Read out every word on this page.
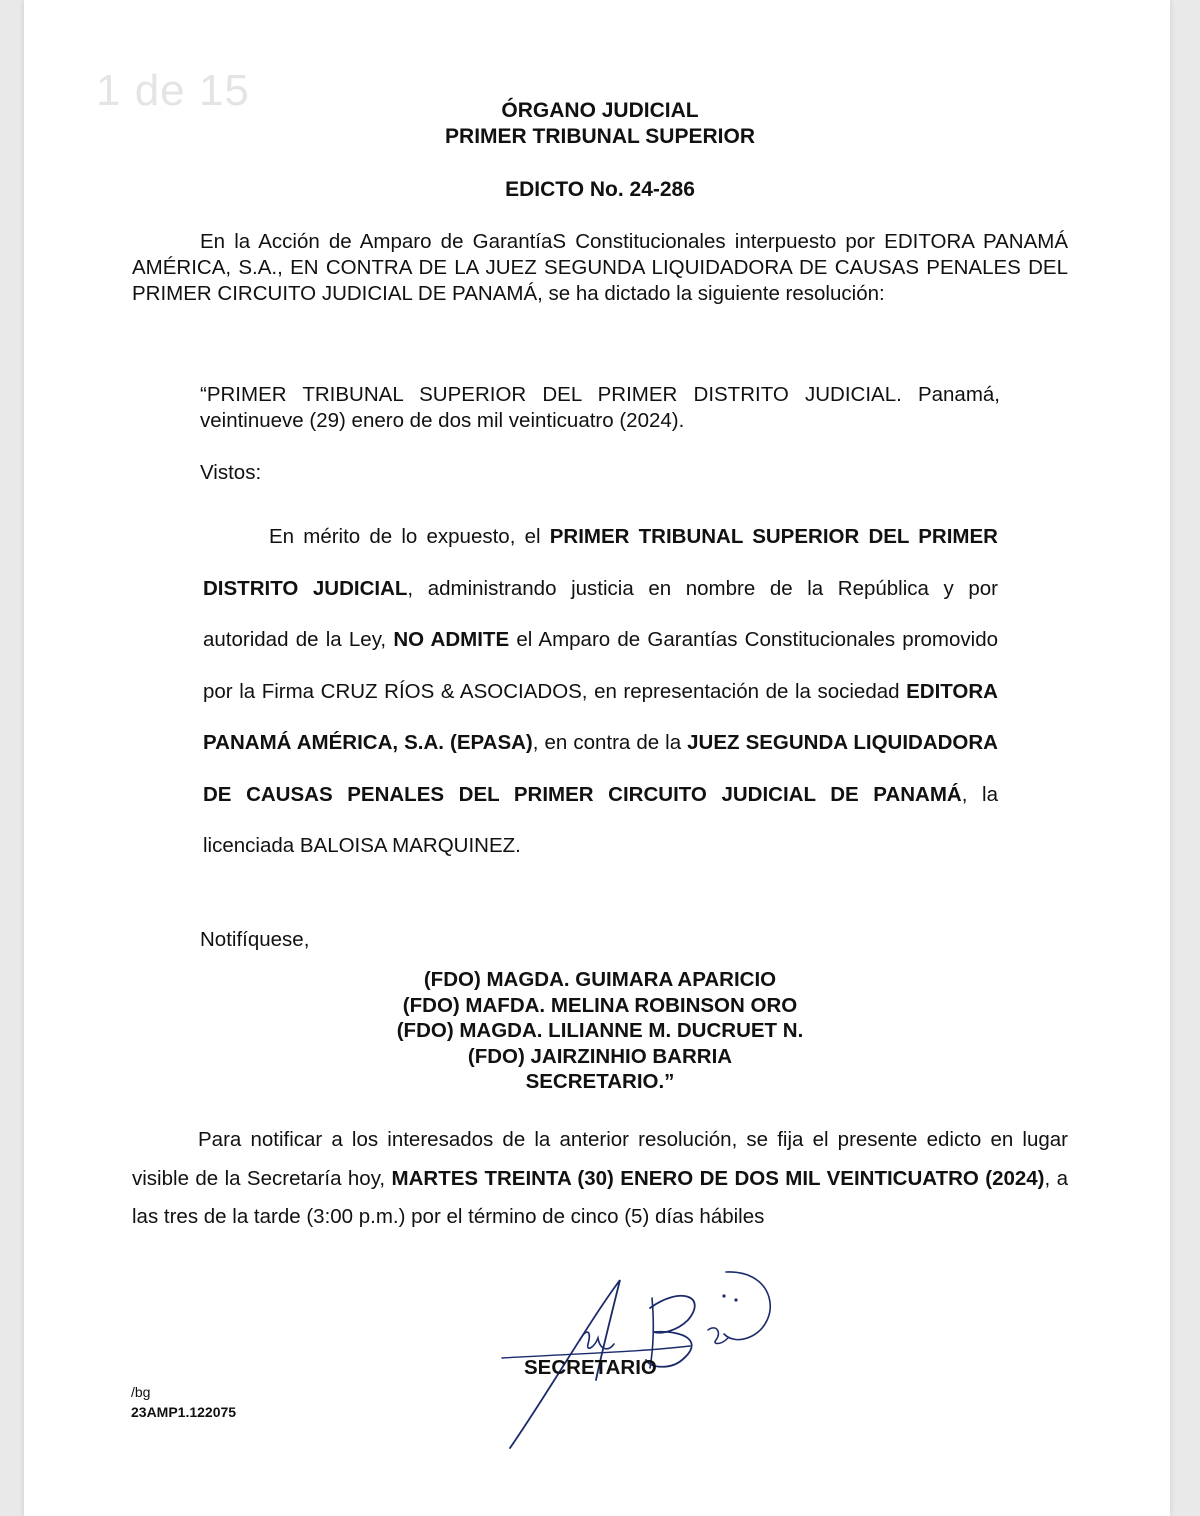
1 de 15	ÓRGANO JUDICIAL
PRIMER TRIBUNAL SUPERIOR
EDICTO No. 24-286
En la Acción de Amparo de GarantíaS Constitucionales interpuesto por EDITORA PANAMÁ AMÉRICA, S.A., EN CONTRA DE LA JUEZ SEGUNDA LIQUIDADORA DE CAUSAS PENALES DEL PRIMER CIRCUITO JUDICIAL DE PANAMÁ, se ha dictado la siguiente resolución:
“PRIMER TRIBUNAL SUPERIOR DEL PRIMER DISTRITO JUDICIAL. Panamá, veintinueve (29) enero de dos mil veinticuatro (2024).
Vistos:
En mérito de lo expuesto, el PRIMER TRIBUNAL SUPERIOR DEL PRIMER DISTRITO JUDICIAL, administrando justicia en nombre de la República y por autoridad de la Ley, NO ADMITE el Amparo de Garantías Constitucionales promovido por la Firma CRUZ RÍOS & ASOCIADOS, en representación de la sociedad EDITORA PANAMÁ AMÉRICA, S.A. (EPASA), en contra de la JUEZ SEGUNDA LIQUIDADORA DE CAUSAS PENALES DEL PRIMER CIRCUITO JUDICIAL DE PANAMÁ, la licenciada BALOISA MARQUINEZ.
Notifíquese,
(FDO) MAGDA. GUIMARA APARICIO
(FDO) MAFDA. MELINA ROBINSON ORO
(FDO) MAGDA. LILIANNE M. DUCRUET N.
(FDO) JAIRZINHIO BARRIA
SECRETARIO.”
Para notificar a los interesados de la anterior resolución, se fija el presente edicto en lugar visible de la Secretaría hoy, MARTES TREINTA (30) ENERO DE DOS MIL VEINTICUATRO (2024), a las tres de la tarde (3:00 p.m.) por el término de cinco (5) días hábiles
SECRETARIO
/bg
23AMP1.122075
